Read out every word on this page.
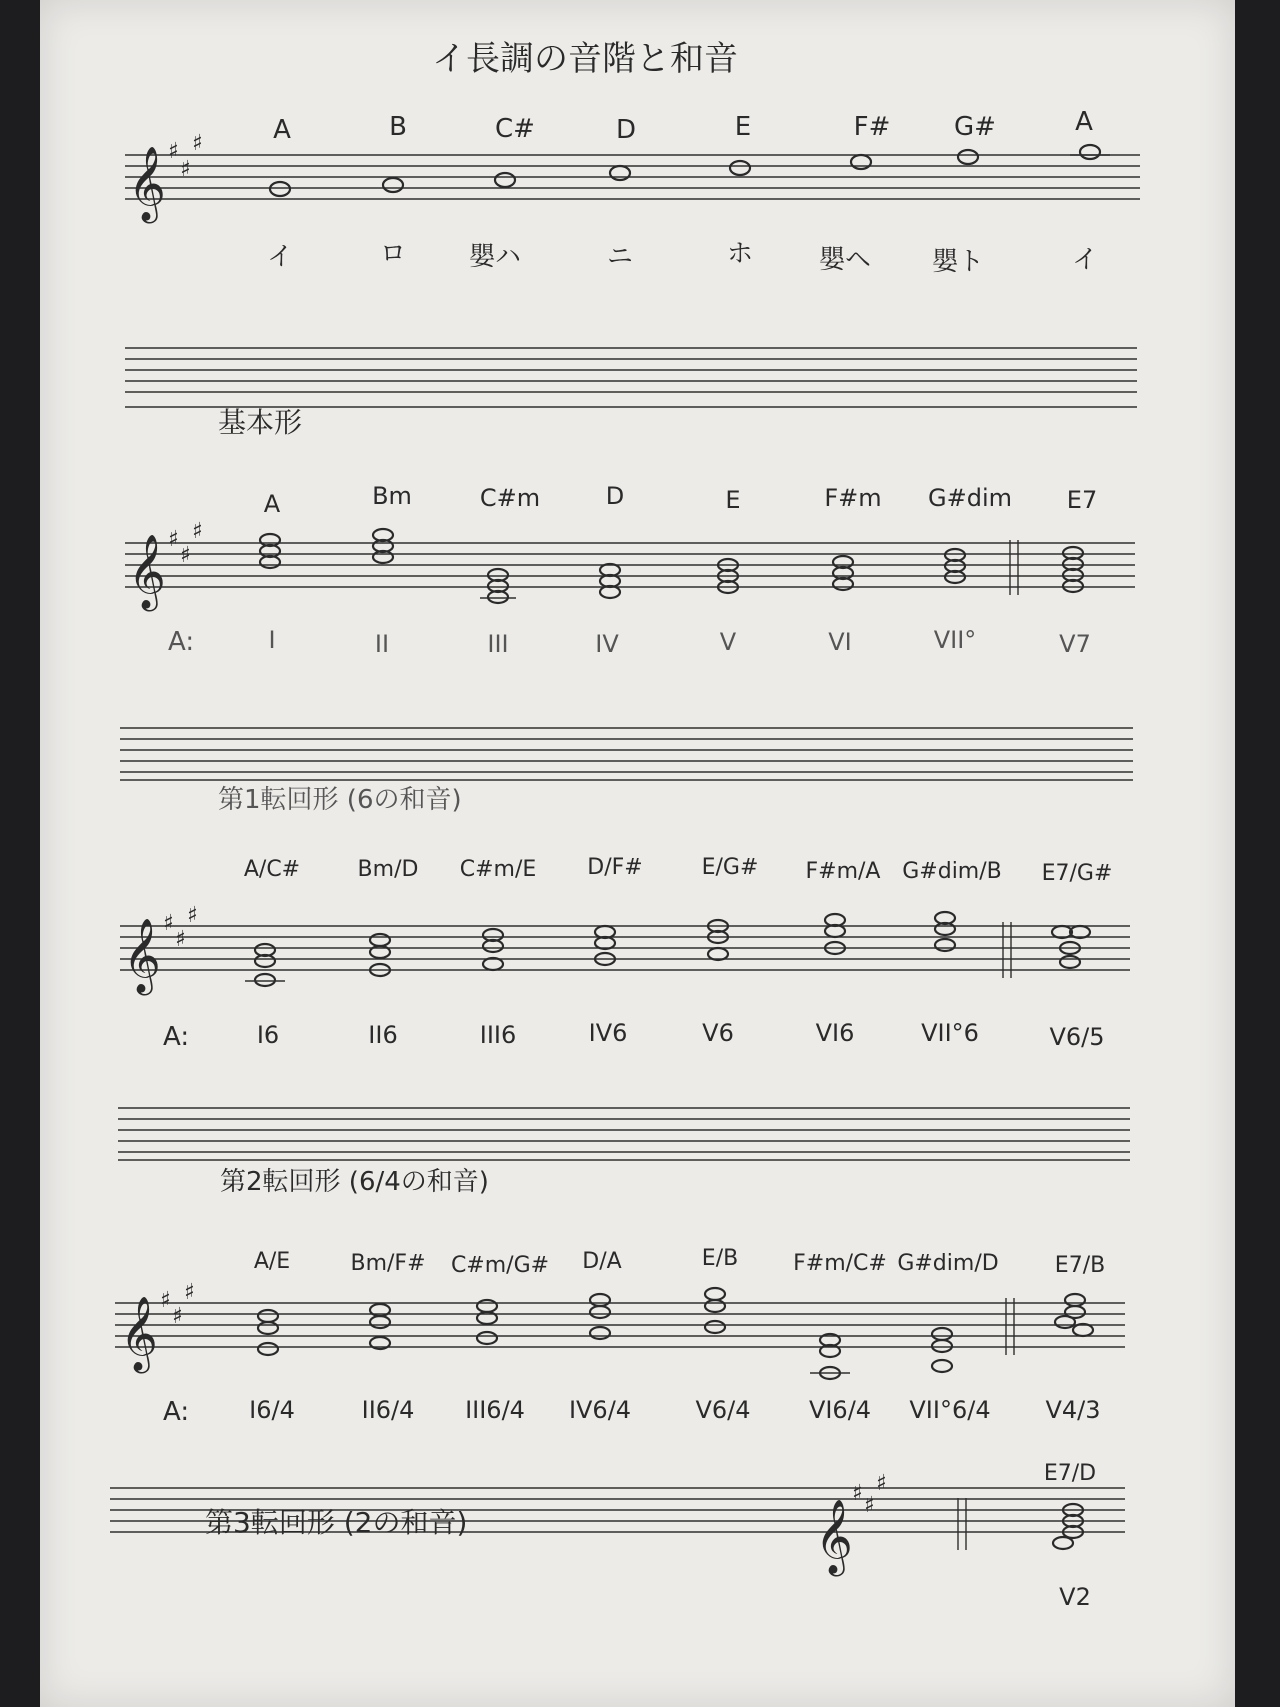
イ長調の音階と和音
𝄞 ♯
♯
♯	A	B	C#	D	E	F# G#	A
イ	ロ 嬰ハ	ニ	ホ	嬰ヘ 嬰ト	イ
基本形
A	Bm	C#m	D	E	F#m G#dim E7
𝄞 ♯
♯
♯
A:	I	II	III	IV	V	VI	VII°	V7
第1転回形 (6の和音)
A/C#	Bm/D C#m/E D/F#	E/G# F#m/A G#dim/B E7/G#
𝄞 ♯
♯
♯
A:	I6	II6	III6	IV6	V6	VI6	VII°6	V6/5
第2転回形 (6/4の和音)
A/E	Bm/F# C#m/G# D/A	E/B F#m/C# G#dim/D	E7/B
𝄞 ♯
♯
♯
A:	I6/4	II6/4 III6/4 IV6/4	V6/4 VI6/4 VII°6/4 V4/3
第3転回形 (2の和音)	𝄞
♯ ♯
♯	E7/D
V2
